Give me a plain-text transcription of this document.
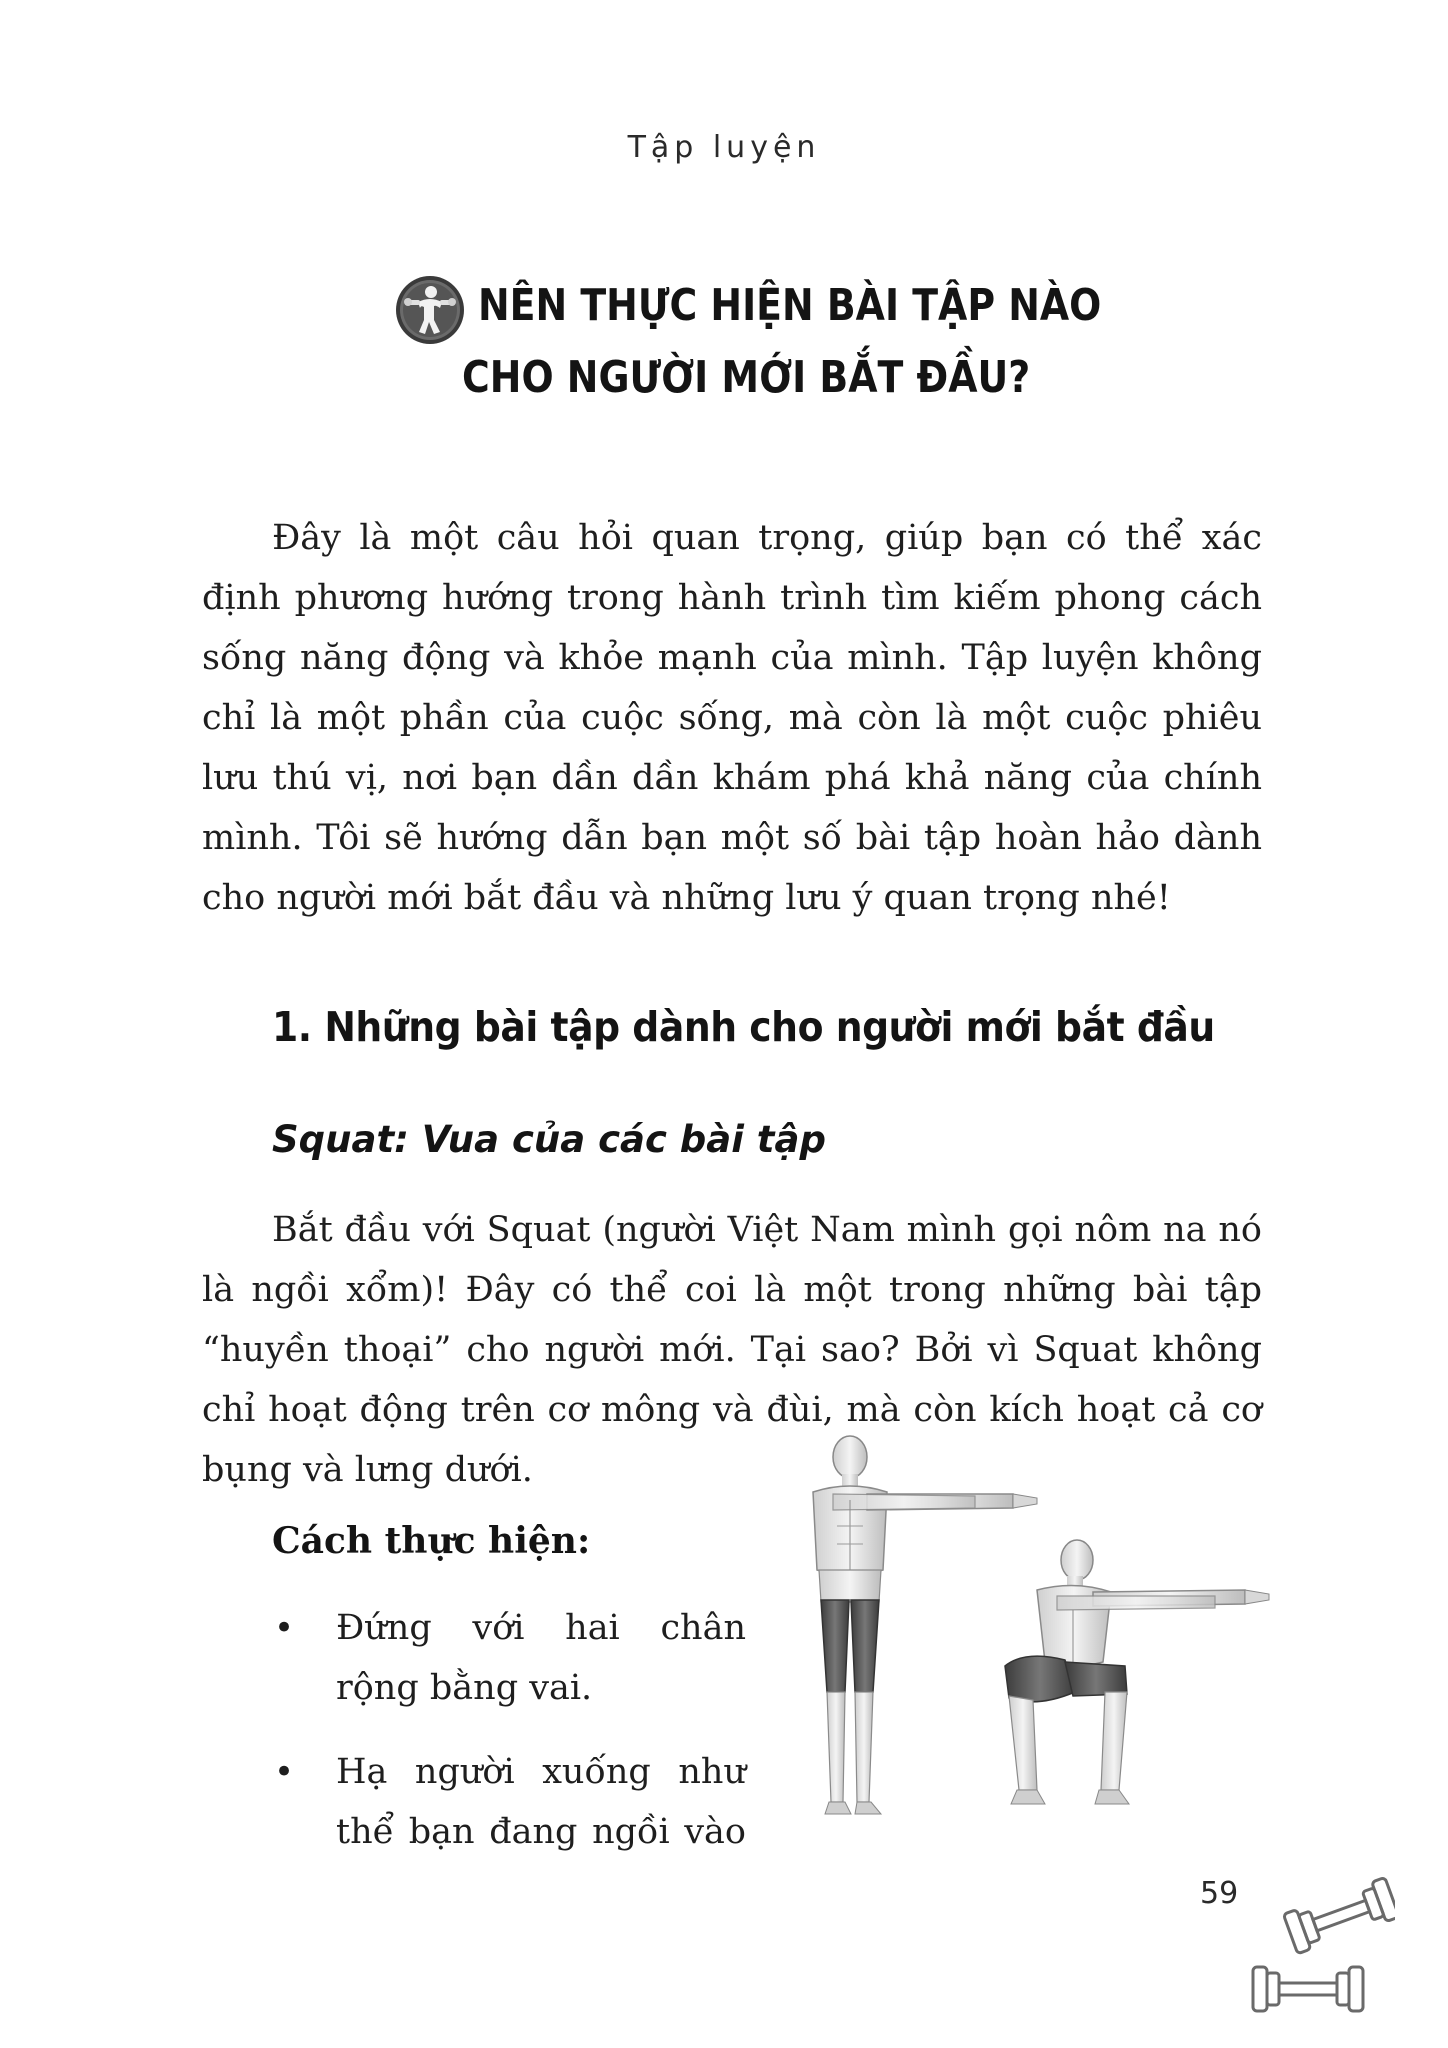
Tập luyện
NÊN THỰC HIỆN BÀI TẬP NÀO
CHO NGƯỜI MỚI BẮT ĐẦU?

Đây là một câu hỏi quan trọng, giúp bạn có thể xác định phương hướng trong hành trình tìm kiếm phong cách sống năng động và khỏe mạnh của mình. Tập luyện không chỉ là một phần của cuộc sống, mà còn là một cuộc phiêu lưu thú vị, nơi bạn dần dần khám phá khả năng của chính mình. Tôi sẽ hướng dẫn bạn một số bài tập hoàn hảo dành cho người mới bắt đầu và những lưu ý quan trọng nhé!

1. Những bài tập dành cho người mới bắt đầu
Squat: Vua của các bài tập

Bắt đầu với Squat (người Việt Nam mình gọi nôm na nó là ngồi xổm)! Đây có thể coi là một trong những bài tập “huyền thoại” cho người mới. Tại sao? Bởi vì Squat không chỉ hoạt động trên cơ mông và đùi, mà còn kích hoạt cả cơ bụng và lưng dưới.

Cách thực hiện:
• Đứng với hai chân rộng bằng vai.
• Hạ người xuống như thể bạn đang ngồi vào
59
